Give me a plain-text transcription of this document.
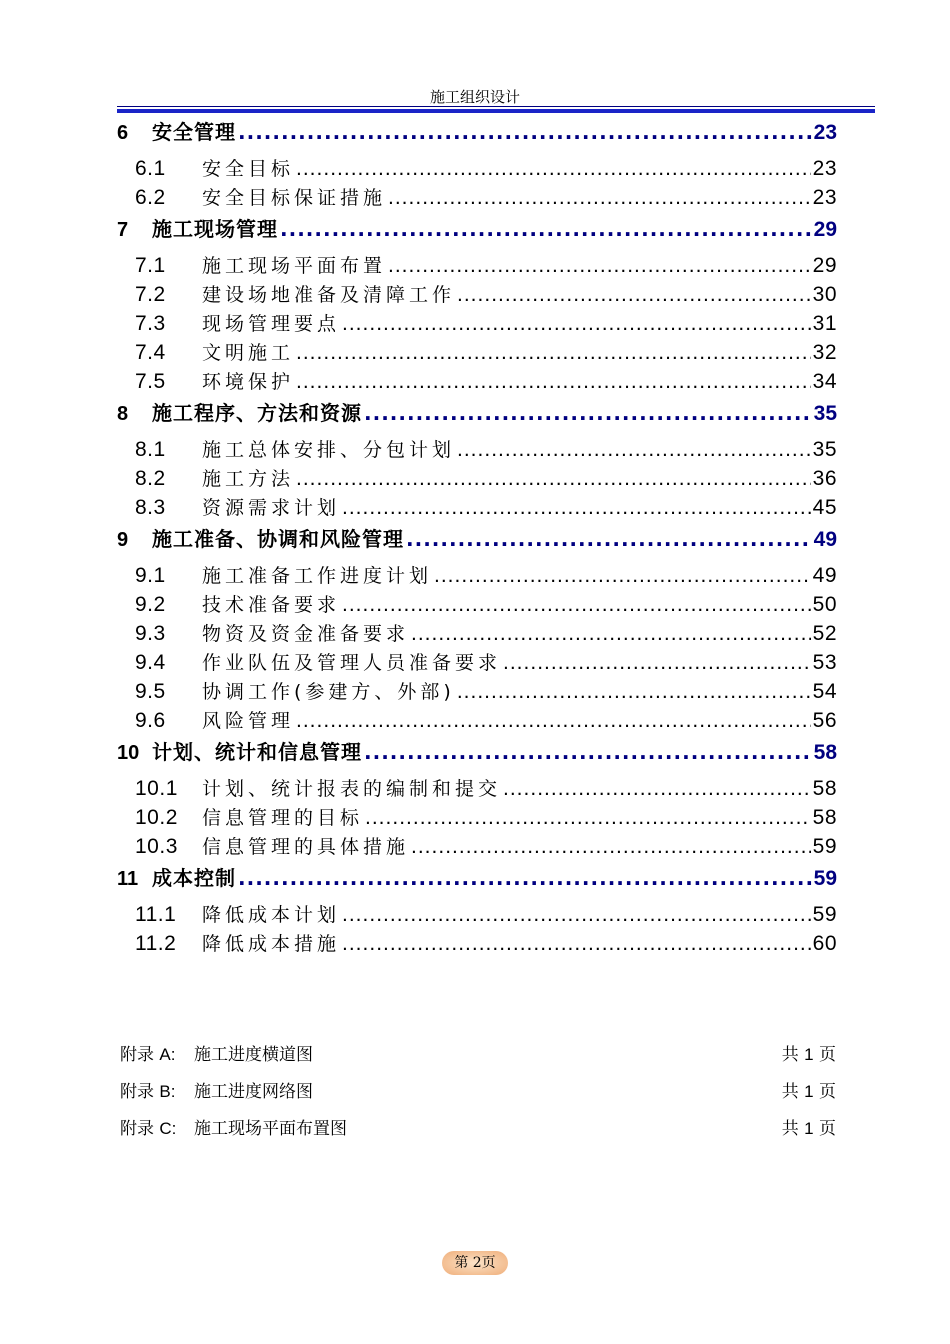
施工组织设计
6	安全管理 .....	23
6.1	安全目标 .....	23
6.2	安全目标保证措施 .....	23
7	施工现场管理 .....	29
7.1	施工现场平面布置 .....	29
7.2	建设场地准备及清障工作 .....	30
7.3	现场管理要点 .....	31
7.4	文明施工 .....	32
7.5	环境保护 .....	34
8	施工程序、方法和资源 .....	35
8.1	施工总体安排、分包计划 .....	35
8.2	施工方法 .....	36
8.3	资源需求计划 .....	45
9	施工准备、协调和风险管理 .....	49
9.1	施工准备工作进度计划 .....	49
9.2	技术准备要求 .....	50
9.3	物资及资金准备要求 .....	52
9.4	作业队伍及管理人员准备要求 .....	53
9.5	协调工作(参建方、外部) .....	54
9.6	风险管理 .....	56
10 计划、统计和信息管理 .....	58
10.1	计划、统计报表的编制和提交 .....	58
10.2	信息管理的目标 .....	58
10.3	信息管理的具体措施 .....	59
11 成本控制 .....	59
11.1	降低成本计划 .....	59
11.2	降低成本措施 .....	60
附录 A: 施工进度横道图	共 1 页
附录 B: 施工进度网络图	共 1 页
附录 C: 施工现场平面布置图	共 1 页
第 2页
